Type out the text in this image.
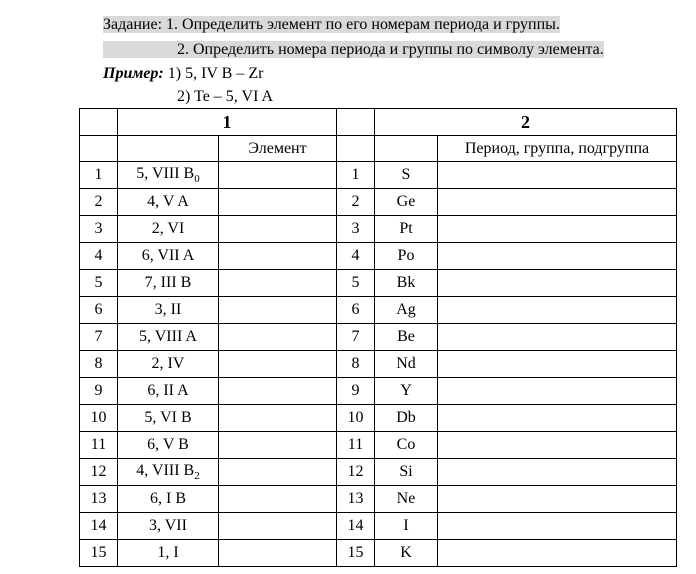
Задание: 1. Определить элемент по его номерам периода и группы.
2. Определить номера периода и группы по символу элемента.
Пример: 1) 5, IV B – Zr
2) Te – 5, VI A
	1			2	
		Элемент			Период, группа, подгруппа
1	5, VIII $B_0$		1	S	
2	4, V A		2	Ge	
3	2, VI		3	Pt	
4	6, VII A		4	Po	
5	7, III B		5	Bk	
6	3, II		6	Ag	
7	5, VIII A		7	Be	
8	2, IV		8	Nd	
9	6, II A		9	Y	
10	5, VI B		10	Db	
11	6, V B		11	Co	
12	4, VIII $B_2$		12	Si	
13	6, I B		13	Ne	
14	3, VII		14	I	
15	1, I		15	K	
